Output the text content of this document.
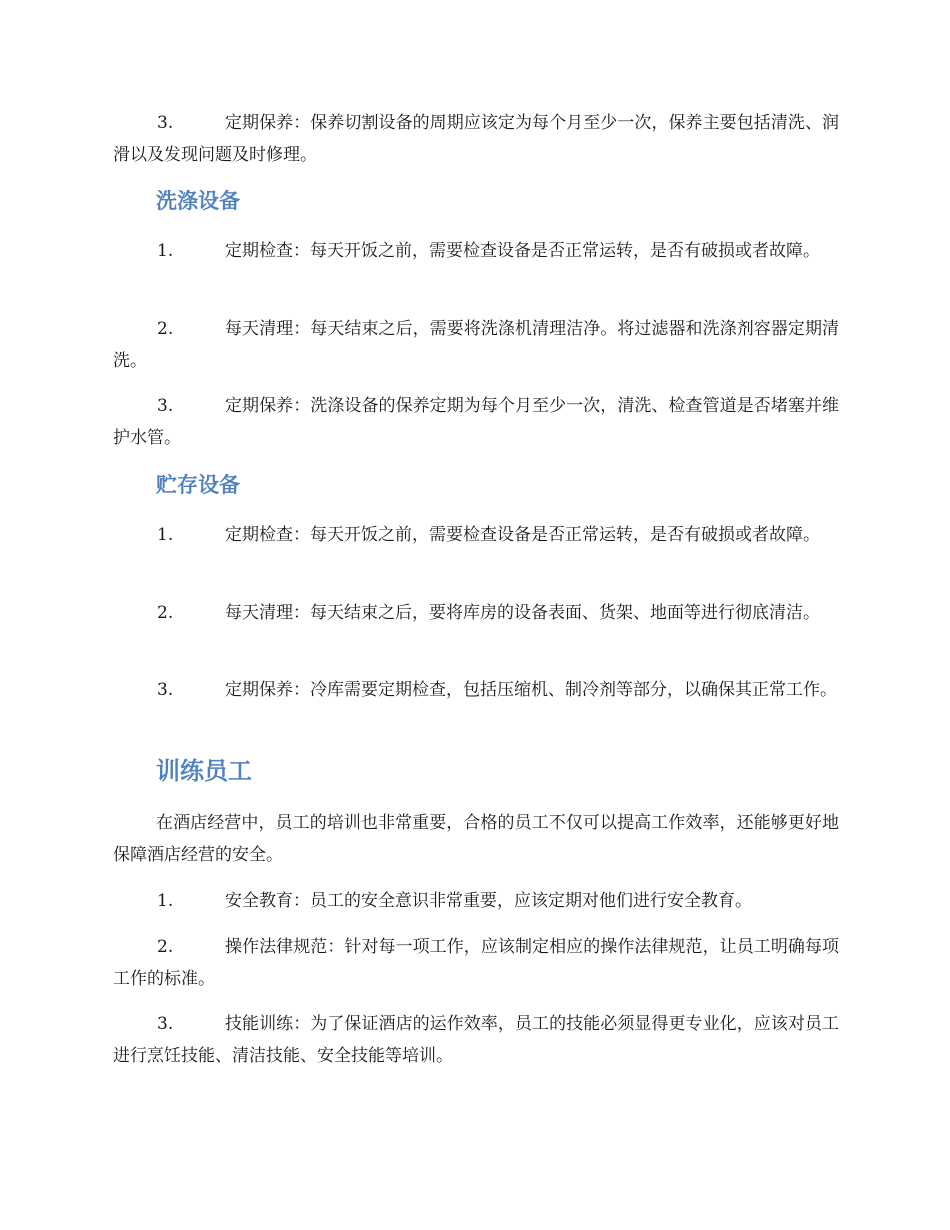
3.	定期保养：保养切割设备的周期应该定为每个月至少一次，保养主要包括清洗、润滑以及发现问题及时修理。
洗涤设备
1.	定期检查：每天开饭之前，需要检查设备是否正常运转，是否有破损或者故障。
2.	每天清理：每天结束之后，需要将洗涤机清理洁净。将过滤器和洗涤剂容器定期清洗。
3.	定期保养：洗涤设备的保养定期为每个月至少一次，清洗、检查管道是否堵塞并维护水管。
贮存设备
1.	定期检查：每天开饭之前，需要检查设备是否正常运转，是否有破损或者故障。
2.	每天清理：每天结束之后，要将库房的设备表面、货架、地面等进行彻底清洁。
3.	定期保养：冷库需要定期检查，包括压缩机、制冷剂等部分，以确保其正常工作。
训练员工
在酒店经营中，员工的培训也非常重要，合格的员工不仅可以提高工作效率，还能够更好地保障酒店经营的安全。
1.	安全教育：员工的安全意识非常重要，应该定期对他们进行安全教育。
2.	操作法律规范：针对每一项工作，应该制定相应的操作法律规范，让员工明确每项工作的标准。
3.	技能训练：为了保证酒店的运作效率，员工的技能必须显得更专业化，应该对员工进行烹饪技能、清洁技能、安全技能等培训。
